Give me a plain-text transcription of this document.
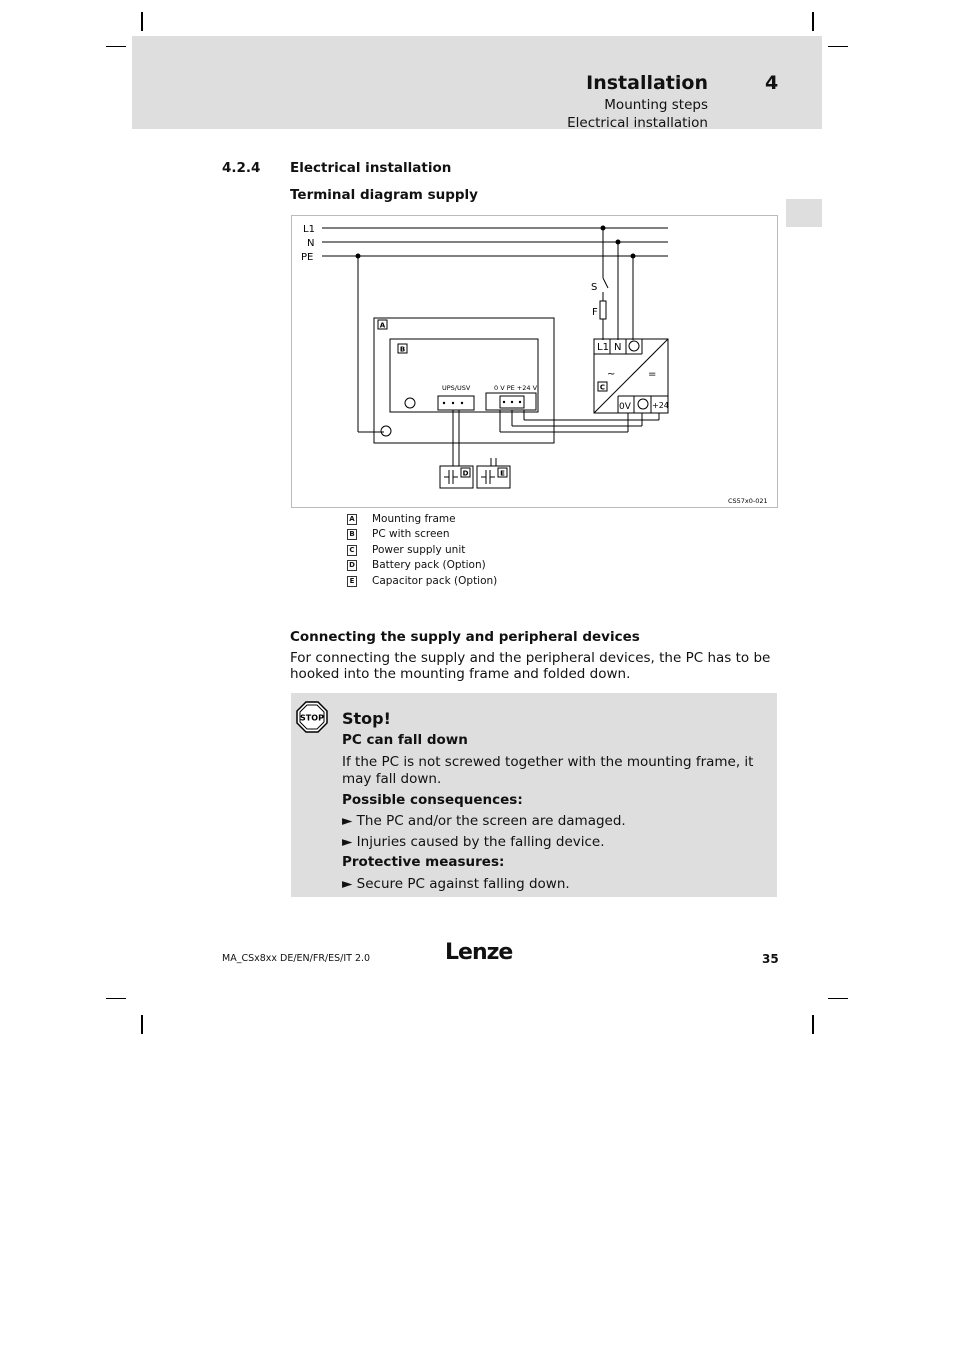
Installation	4
Mounting steps
Electrical installation
4.2.4 Electrical installation
Terminal diagram supply
L1
N
PE
S
F
L1 N
~	=
0V	+24
A
B
C
D	E
UPS/USV	0 V PE +24 V
CS57x0-021
A Mounting frame
B PC with screen
C Power supply unit
D Battery pack (Option)
E Capacitor pack (Option)
Connecting the supply and peripheral devices
For connecting the supply and the peripheral devices, the PC has to be hooked into the mounting frame and folded down.
STOP Stop!
PC can fall down
If the PC is not screwed together with the mounting frame, it may fall down.
Possible consequences:
► The PC and/or the screen are damaged.
► Injuries caused by the falling device.
Protective measures:
► Secure PC against falling down.
MA_CSx8xx DE/EN/FR/ES/IT 2.0	Lenze	35
